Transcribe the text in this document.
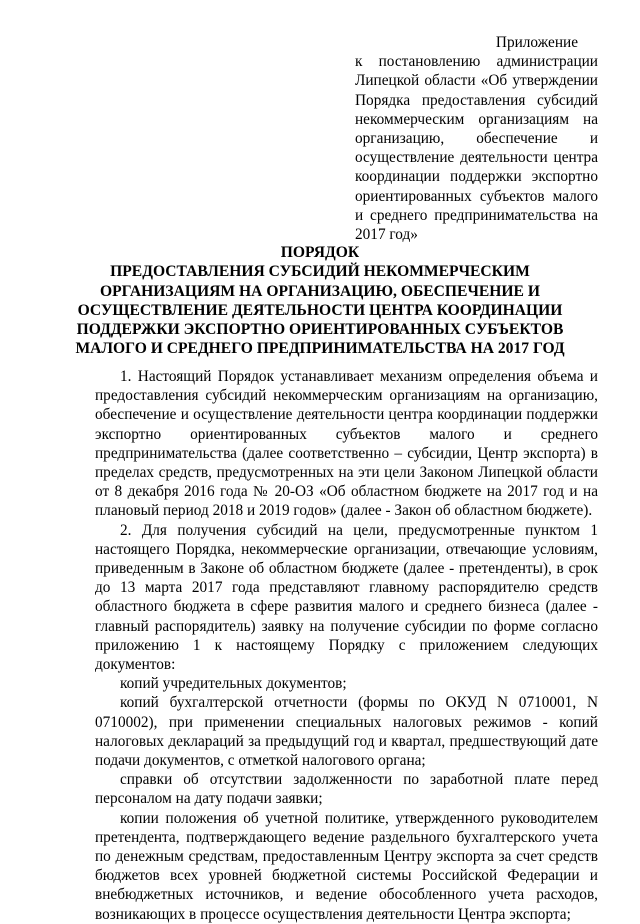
Приложение
к постановлению администрации Липецкой области «Об утверждении Порядка предоставления субсидий некоммерческим организациям на организацию, обеспечение и осуществление деятельности центра координации поддержки экспортно ориентированных субъектов малого и среднего предпринимательства на 2017 год»
ПОРЯДОК
ПРЕДОСТАВЛЕНИЯ СУБСИДИЙ НЕКОММЕРЧЕСКИМ ОРГАНИЗАЦИЯМ НА ОРГАНИЗАЦИЮ, ОБЕСПЕЧЕНИЕ И ОСУЩЕСТВЛЕНИЕ ДЕЯТЕЛЬНОСТИ ЦЕНТРА КООРДИНАЦИИ ПОДДЕРЖКИ ЭКСПОРТНО ОРИЕНТИРОВАННЫХ СУБЪЕКТОВ МАЛОГО И СРЕДНЕГО ПРЕДПРИНИМАТЕЛЬСТВА НА 2017 ГОД

1. Настоящий Порядок устанавливает механизм определения объема и предоставления субсидий некоммерческим организациям на организацию, обеспечение и осуществление деятельности центра координации поддержки экспортно ориентированных субъектов малого и среднего предпринимательства (далее соответственно – субсидии, Центр экспорта) в пределах средств, предусмотренных на эти цели Законом Липецкой области от 8 декабря 2016 года № 20-ОЗ «Об областном бюджете на 2017 год и на плановый период 2018 и 2019 годов» (далее - Закон об областном бюджете).

2. Для получения субсидий на цели, предусмотренные пунктом 1 настоящего Порядка, некоммерческие организации, отвечающие условиям, приведенным в Законе об областном бюджете (далее - претенденты), в срок до 13 марта 2017 года представляют главному распорядителю средств областного бюджета в сфере развития малого и среднего бизнеса (далее - главный распорядитель) заявку на получение субсидии по форме согласно приложению 1 к настоящему Порядку с приложением следующих документов:

копий учредительных документов;

копий бухгалтерской отчетности (формы по ОКУД N 0710001, N 0710002), при применении специальных налоговых режимов - копий налоговых деклараций за предыдущий год и квартал, предшествующий дате подачи документов, с отметкой налогового органа;

справки об отсутствии задолженности по заработной плате перед персоналом на дату подачи заявки;

копии положения об учетной политике, утвержденного руководителем претендента, подтверждающего ведение раздельного бухгалтерского учета по денежным средствам, предоставленным Центру экспорта за счет средств бюджетов всех уровней бюджетной системы Российской Федерации и внебюджетных источников, и ведение обособленного учета расходов, возникающих в процессе осуществления деятельности Центра экспорта;
